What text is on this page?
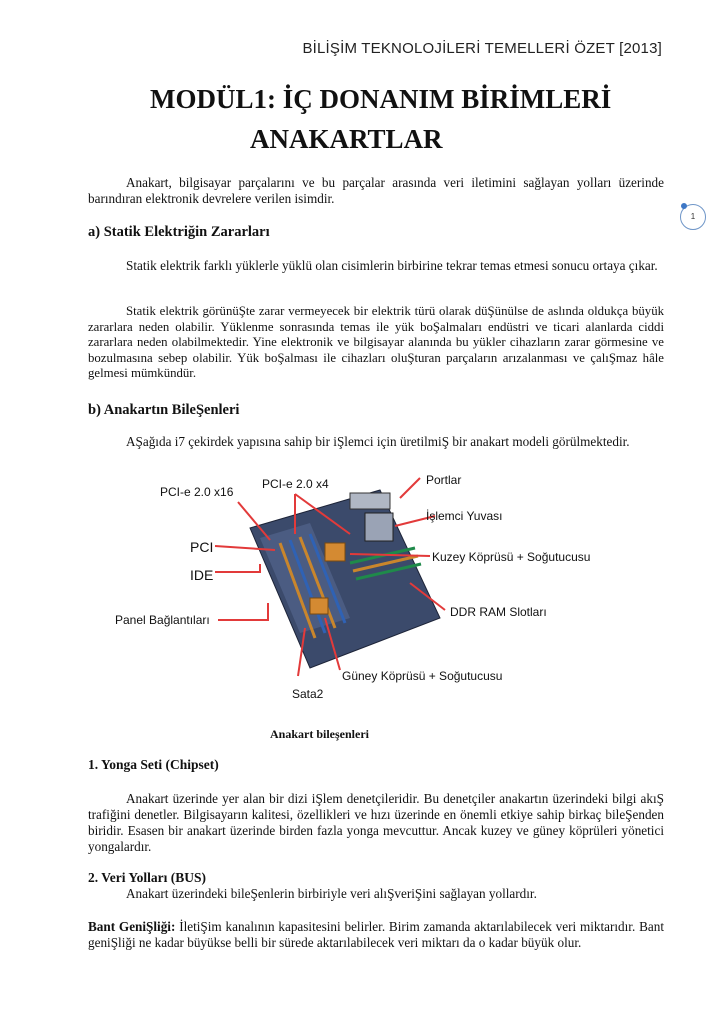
BİLİŞİM TEKNOLOJİLERİ TEMELLERİ ÖZET [2013]
1
MODÜL1: İÇ DONANIM BİRİMLERİ
ANAKARTLAR
Anakart, bilgisayar parçalarını ve bu parçalar arasında veri iletimini sağlayan yolları üzerinde barındıran elektronik devrelere verilen isimdir.
a) Statik Elektriğin Zararları
Statik elektrik farklı yüklerle yüklü olan cisimlerin birbirine tekrar temas etmesi sonucu ortaya çıkar.
Statik elektrik görünüŞte zarar vermeyecek bir elektrik türü olarak düŞünülse de aslında oldukça büyük zararlara neden olabilir. Yüklenme sonrasında temas ile yük boŞalmaları endüstri ve ticari alanlarda ciddi zararlara neden olabilmektedir. Yine elektronik ve bilgisayar alanında bu yükler cihazların zarar görmesine ve bozulmasına sebep olabilir. Yük boŞalması ile cihazları oluŞturan parçaların arızalanması ve çalıŞmaz hâle gelmesi mümkündür.
b) Anakartın BileŞenleri
AŞağıda i7 çekirdek yapısına sahip bir iŞlemci için üretilmiŞ bir anakart modeli görülmektedir.
PCI-e 2.0 x16
PCI-e 2.0 x4	Portlar
İşlemci Yuvası
PCI
Kuzey Köprüsü + Soğutucusu
IDE
Panel Bağlantıları
DDR RAM Slotları
Güney Köprüsü + Soğutucusu
Sata2
Anakart bileşenleri
1. Yonga Seti (Chipset)
Anakart üzerinde yer alan bir dizi iŞlem denetçileridir. Bu denetçiler anakartın üzerindeki bilgi akıŞ trafiğini denetler. Bilgisayarın kalitesi, özellikleri ve hızı üzerinde en önemli etkiye sahip birkaç bileŞenden biridir. Esasen bir anakart üzerinde birden fazla yonga mevcuttur. Ancak kuzey ve güney köprüleri yönetici yongalardır.
2. Veri Yolları (BUS)
Anakart üzerindeki bileŞenlerin birbiriyle veri alıŞveriŞini sağlayan yollardır.
Bant GeniŞliği: İletiŞim kanalının kapasitesini belirler. Birim zamanda aktarılabilecek veri miktarıdır. Bant geniŞliği ne kadar büyükse belli bir sürede aktarılabilecek veri miktarı da o kadar büyük olur.
